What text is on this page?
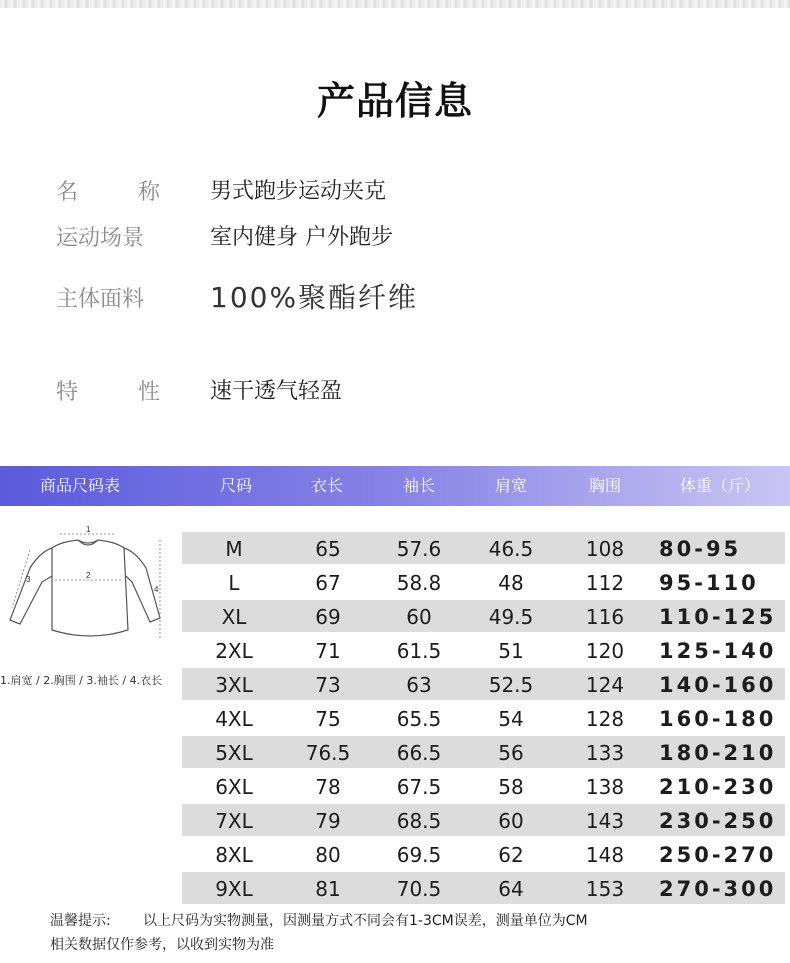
产品信息
名	称 男式跑步运动夹克
运动场景	室内健身 户外跑步
主体面料 100%聚酯纤维
特	性 速干透气轻盈
商品尺码表	尺码	衣长	袖长	肩宽	胸围	体重（斤）
1
2
3
4
1.肩宽 / 2.胸围 / 3.袖长 / 4.衣长
M	65	57.6	46.5	108	80-95
L	67	58.8	48	112	95-110
XL	69	60	49.5	116	110-125
2XL	71	61.5	51	120	125-140
3XL	73	63	52.5	124	140-160
4XL	75	65.5	54	128	160-180
5XL	76.5	66.5	56	133	180-210
6XL	78	67.5	58	138	210-230
7XL	79	68.5	60	143	230-250
8XL	80	69.5	62	148	250-270
9XL	81	70.5	64	153	270-300
温馨提示: 以上尺码为实物测量，因测量方式不同会有1-3CM误差，测量单位为CM
相关数据仅作参考，以收到实物为准
